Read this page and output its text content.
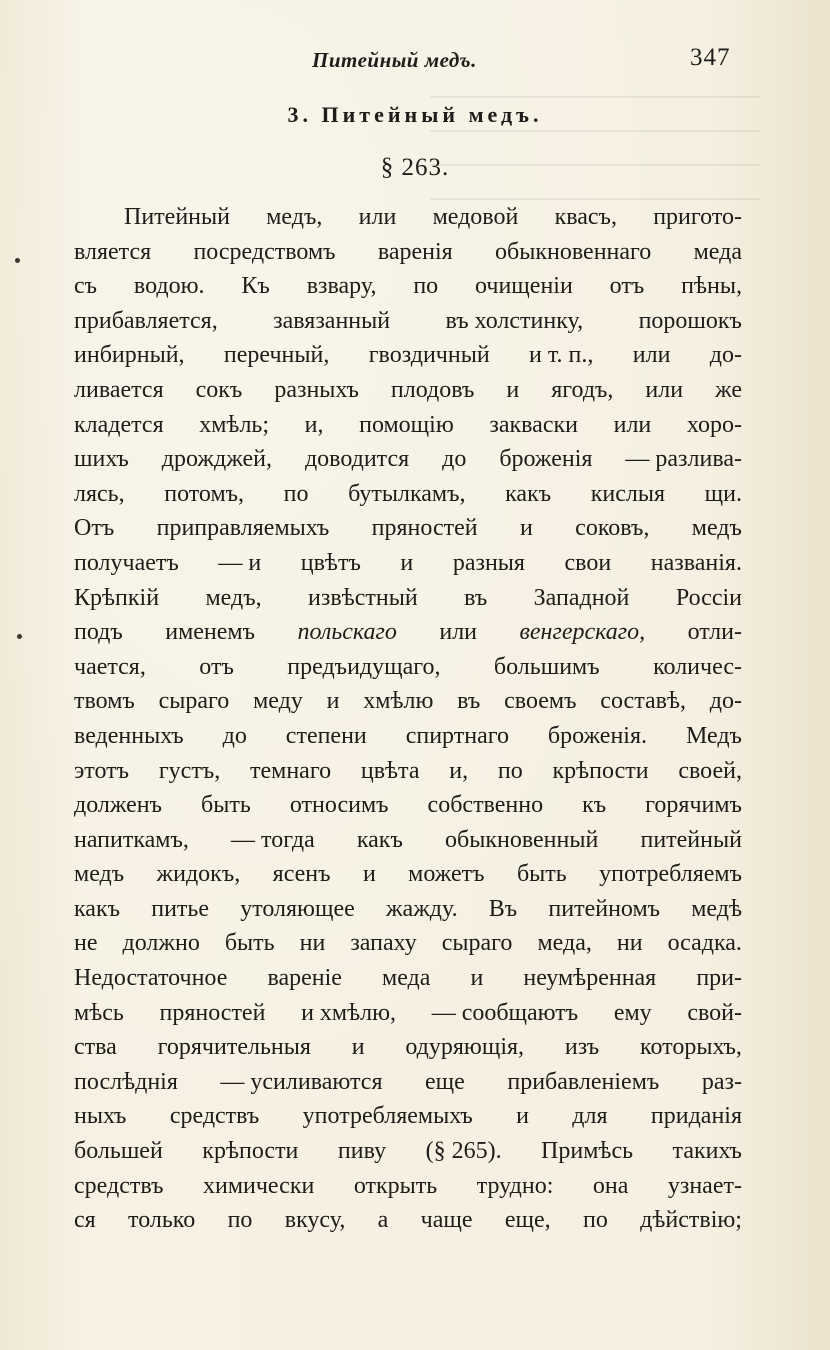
Питейный медъ.	347
3. Питейный медъ.
§ 263.
Питейный медъ, или медовой квасъ, пригото-
вляется посредствомъ варенія обыкновеннаго меда
съ водою. Къ взвару, по очищеніи отъ пѣны,
прибавляется, завязанный въ холстинку, порошокъ
инбирный, перечный, гвоздичный и т. п., или до-
ливается сокъ разныхъ плодовъ и ягодъ, или же
кладется хмѣль; и, помощію закваски или хоро-
шихъ дрожджей, доводится до броженія — разлива-
лясь, потомъ, по бутылкамъ, какъ кислыя щи.
Отъ приправляемыхъ пряностей и соковъ, медъ
получаетъ — и цвѣтъ и разныя свои названія.
Крѣпкій медъ, извѣстный въ Западной Россіи
подъ именемъ польскаго или венгерскаго, отли-
чается, отъ предъидущаго, большимъ количес-
твомъ сыраго меду и хмѣлю въ своемъ составѣ, до-
веденныхъ до степени спиртнаго броженія. Медъ
этотъ густъ, темнаго цвѣта и, по крѣпости своей,
долженъ быть относимъ собственно къ горячимъ
напиткамъ, — тогда какъ обыкновенный питейный
медъ жидокъ, ясенъ и можетъ быть употребляемъ
какъ питье утоляющее жажду. Въ питейномъ медѣ
не должно быть ни запаху сыраго меда, ни осадка.
Недостаточное вареніе меда и неумѣренная при-
мѣсь пряностей и хмѣлю, — сообщаютъ ему свой-
ства горячительныя и одуряющія, изъ которыхъ,
послѣднія — усиливаются еще прибавленіемъ раз-
ныхъ средствъ употребляемыхъ и для приданія
большей крѣпости пиву (§ 265). Примѣсь такихъ
средствъ химически открыть трудно: она узнает-
ся только по вкусу, а чаще еще, по дѣйствію;
